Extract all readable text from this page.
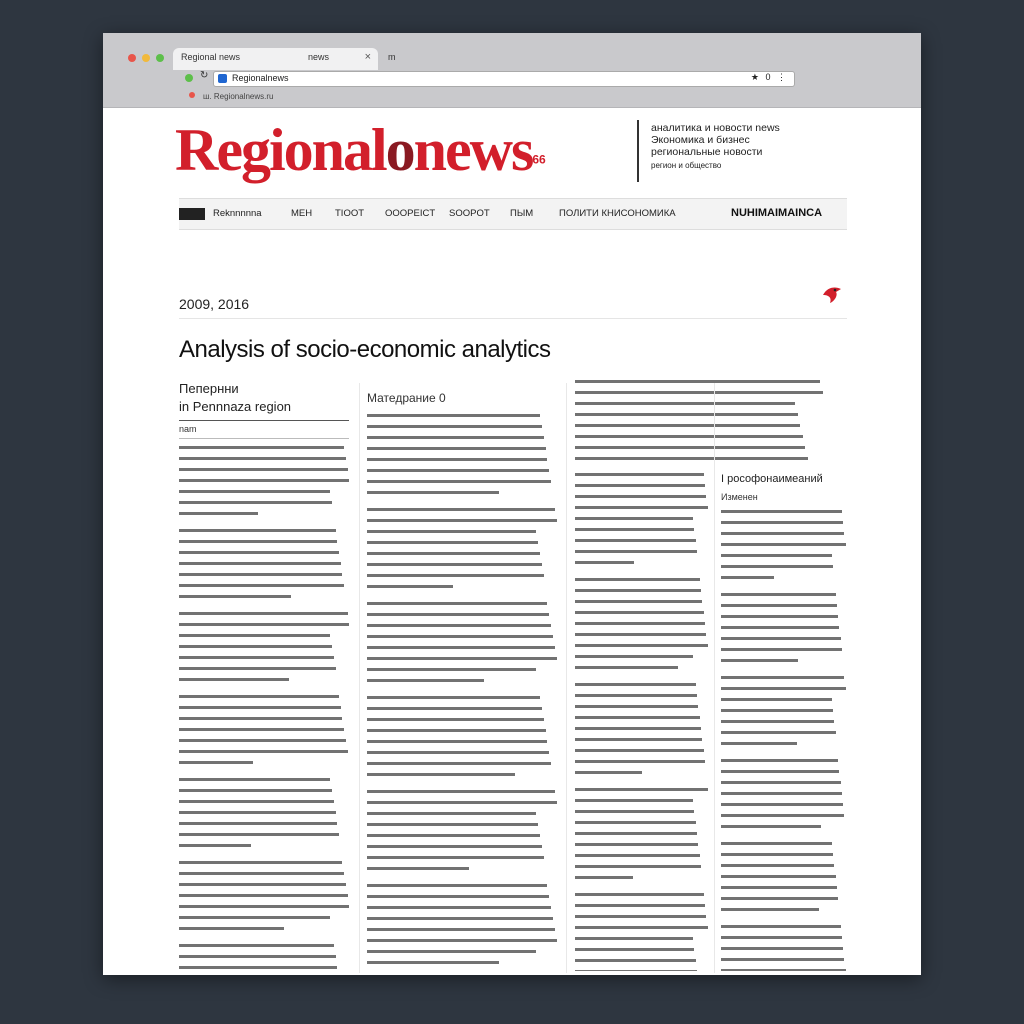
Regional news	news	× m
↻	Regionalnews	★ 0 ⋮
ш. Regionalnews.ru
Regionalonews$^{66}$
аналитика и новости news
Экономика и бизнес
региональные новости
регион и общество
Reknnnnna	MEH TIOOT OOOPEICT SOOPOT ПЫМ	ПОЛИТИ КНИСОНОМИКА	NUHIMAIMAINCA
2009, 2016
Analysis of socio-economic analytics
Пепернни
in Pennnaza region
nam
Матедрание 0
I рософонаимеаний
Изменен
